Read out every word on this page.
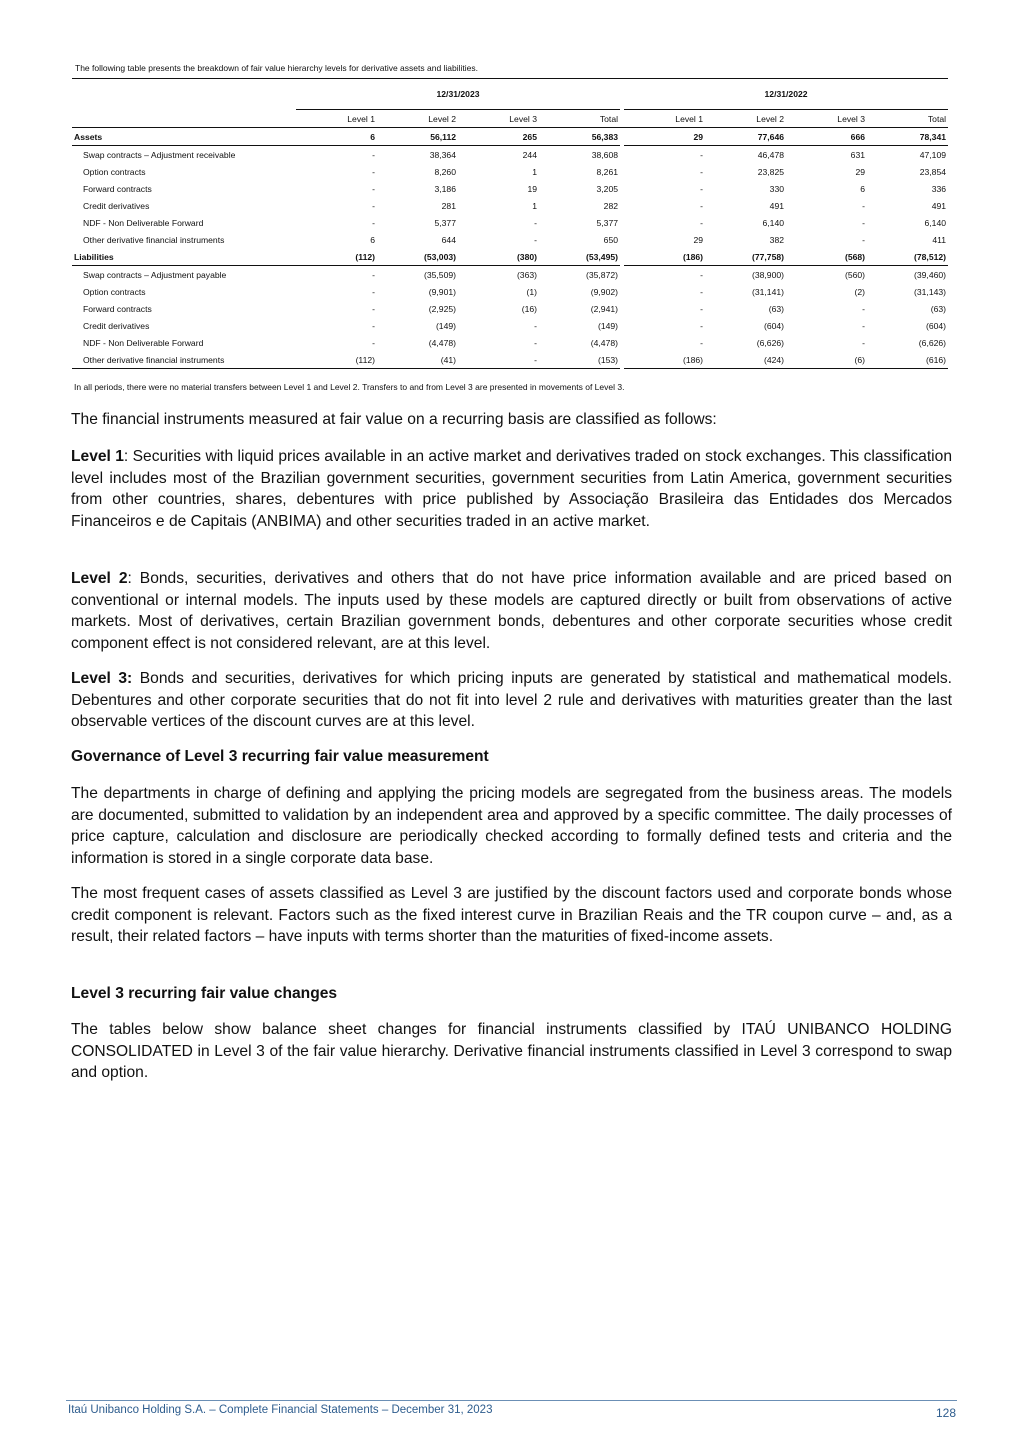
The following table presents the breakdown of fair value hierarchy levels for derivative assets and liabilities.
	12/31/2023					12/31/2022			
	Level 1	Level 2	Level 3	Total		Level 1	Level 2	Level 3	Total
Assets	6	56,112	265	56,383		29	77,646	666	78,341
Swap contracts – Adjustment receivable	-	38,364	244	38,608		-	46,478	631	47,109
Option contracts	-	8,260	1	8,261		-	23,825	29	23,854
Forward contracts	-	3,186	19	3,205		-	330	6	336
Credit derivatives	-	281	1	282		-	491	-	491
NDF - Non Deliverable Forward	-	5,377	-	5,377		-	6,140	-	6,140
Other derivative financial instruments	6	644	-	650		29	382	-	411
Liabilities	(112)	(53,003)	(380)	(53,495)		(186)	(77,758)	(568)	(78,512)
Swap contracts – Adjustment payable	-	(35,509)	(363)	(35,872)		-	(38,900)	(560)	(39,460)
Option contracts	-	(9,901)	(1)	(9,902)		-	(31,141)	(2)	(31,143)
Forward contracts	-	(2,925)	(16)	(2,941)		-	(63)	-	(63)
Credit derivatives	-	(149)	-	(149)		-	(604)	-	(604)
NDF - Non Deliverable Forward	-	(4,478)	-	(4,478)		-	(6,626)	-	(6,626)
Other derivative financial instruments	(112)	(41)	-	(153)		(186)	(424)	(6)	(616)
In all periods, there were no material transfers between Level 1 and Level 2. Transfers to and from Level 3 are presented in movements of Level 3.
The financial instruments measured at fair value on a recurring basis are classified as follows:
Level 1: Securities with liquid prices available in an active market and derivatives traded on stock exchanges. This classification level includes most of the Brazilian government securities, government securities from Latin America, government securities from other countries, shares, debentures with price published by Associação Brasileira das Entidades dos Mercados Financeiros e de Capitais (ANBIMA) and other securities traded in an active market.
Level 2: Bonds, securities, derivatives and others that do not have price information available and are priced based on conventional or internal models. The inputs used by these models are captured directly or built from observations of active markets. Most of derivatives, certain Brazilian government bonds, debentures and other corporate securities whose credit component effect is not considered relevant, are at this level.
Level 3: Bonds and securities, derivatives for which pricing inputs are generated by statistical and mathematical models. Debentures and other corporate securities that do not fit into level 2 rule and derivatives with maturities greater than the last observable vertices of the discount curves are at this level.
Governance of Level 3 recurring fair value measurement
The departments in charge of defining and applying the pricing models are segregated from the business areas. The models are documented, submitted to validation by an independent area and approved by a specific committee. The daily processes of price capture, calculation and disclosure are periodically checked according to formally defined tests and criteria and the information is stored in a single corporate data base.
The most frequent cases of assets classified as Level 3 are justified by the discount factors used and corporate bonds whose credit component is relevant. Factors such as the fixed interest curve in Brazilian Reais and the TR coupon curve – and, as a result, their related factors – have inputs with terms shorter than the maturities of fixed-income assets.
Level 3 recurring fair value changes
The tables below show balance sheet changes for financial instruments classified by ITAÚ UNIBANCO HOLDING CONSOLIDATED in Level 3 of the fair value hierarchy. Derivative financial instruments classified in Level 3 correspond to swap and option.
Itaú Unibanco Holding S.A. – Complete Financial Statements – December 31, 2023	128
